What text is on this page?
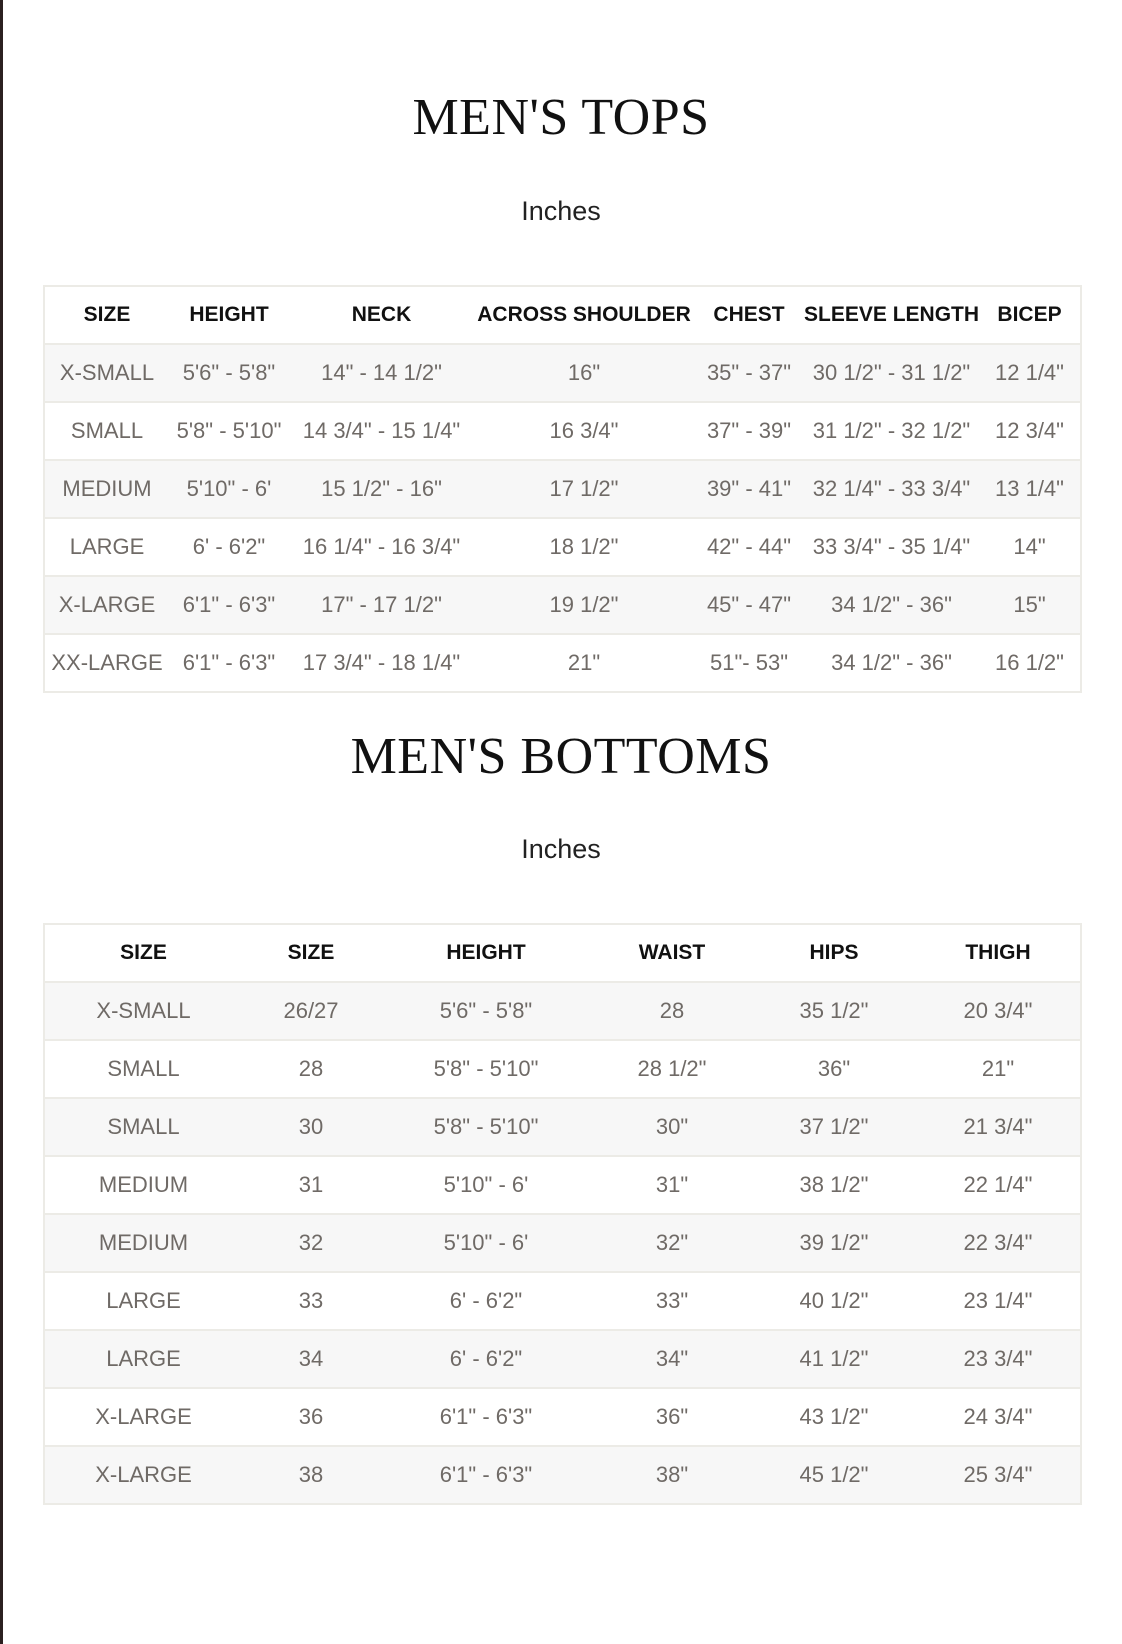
MEN'S TOPS
Inches
SIZE	HEIGHT	NECK	ACROSS SHOULDER	CHEST	SLEEVE LENGTH	BICEP
X-SMALL	5'6" - 5'8"	14" - 14 1/2"	16"	35" - 37"	30 1/2" - 31 1/2"	12 1/4"
SMALL	5'8" - 5'10"	14 3/4" - 15 1/4"	16 3/4"	37" - 39"	31 1/2" - 32 1/2"	12 3/4"
MEDIUM	5'10" - 6'	15 1/2" - 16"	17 1/2"	39" - 41"	32 1/4" - 33 3/4"	13 1/4"
LARGE	6' - 6'2"	16 1/4" - 16 3/4"	18 1/2"	42" - 44"	33 3/4" - 35 1/4"	14"
X-LARGE	6'1" - 6'3"	17" - 17 1/2"	19 1/2"	45" - 47"	34 1/2" - 36"	15"
XX-LARGE	6'1" - 6'3"	17 3/4" - 18 1/4"	21"	51"- 53"	34 1/2" - 36"	16 1/2"
MEN'S BOTTOMS
Inches
SIZE	SIZE	HEIGHT	WAIST	HIPS	THIGH
X-SMALL	26/27	5'6" - 5'8"	28	35 1/2"	20 3/4"
SMALL	28	5'8" - 5'10"	28 1/2"	36"	21"
SMALL	30	5'8" - 5'10"	30"	37 1/2"	21 3/4"
MEDIUM	31	5'10" - 6'	31"	38 1/2"	22 1/4"
MEDIUM	32	5'10" - 6'	32"	39 1/2"	22 3/4"
LARGE	33	6' - 6'2"	33"	40 1/2"	23 1/4"
LARGE	34	6' - 6'2"	34"	41 1/2"	23 3/4"
X-LARGE	36	6'1" - 6'3"	36"	43 1/2"	24 3/4"
X-LARGE	38	6'1" - 6'3"	38"	45 1/2"	25 3/4"
